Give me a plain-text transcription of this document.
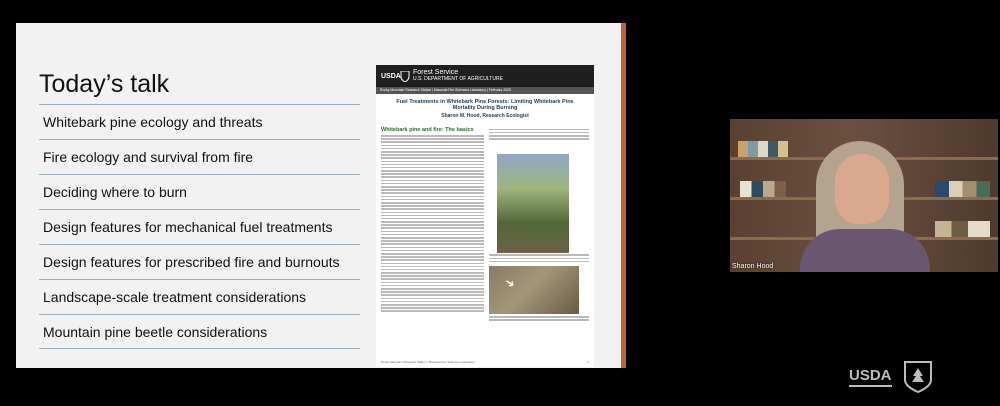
Today’s talk
Whitebark pine ecology and threats
Fire ecology and survival from fire
Deciding where to burn
Design features for mechanical fuel treatments
Design features for prescribed fire and burnouts
Landscape-scale treatment considerations
Mountain pine beetle considerations
USDA Forest Service
U.S. DEPARTMENT OF AGRICULTURE
Rocky Mountain Research Station | Missoula Fire Sciences Laboratory | February 2025
Fuel Treatments in Whitebark Pine Forests: Limiting Whitebark Pine Mortality During Burning
Sharon M. Hood, Research Ecologist
Whitebark pine and fire: The basics
➜
Rocky Mountain Research Station | Missoula Fire Sciences Laboratory	1
Sharon Hood
USDA
